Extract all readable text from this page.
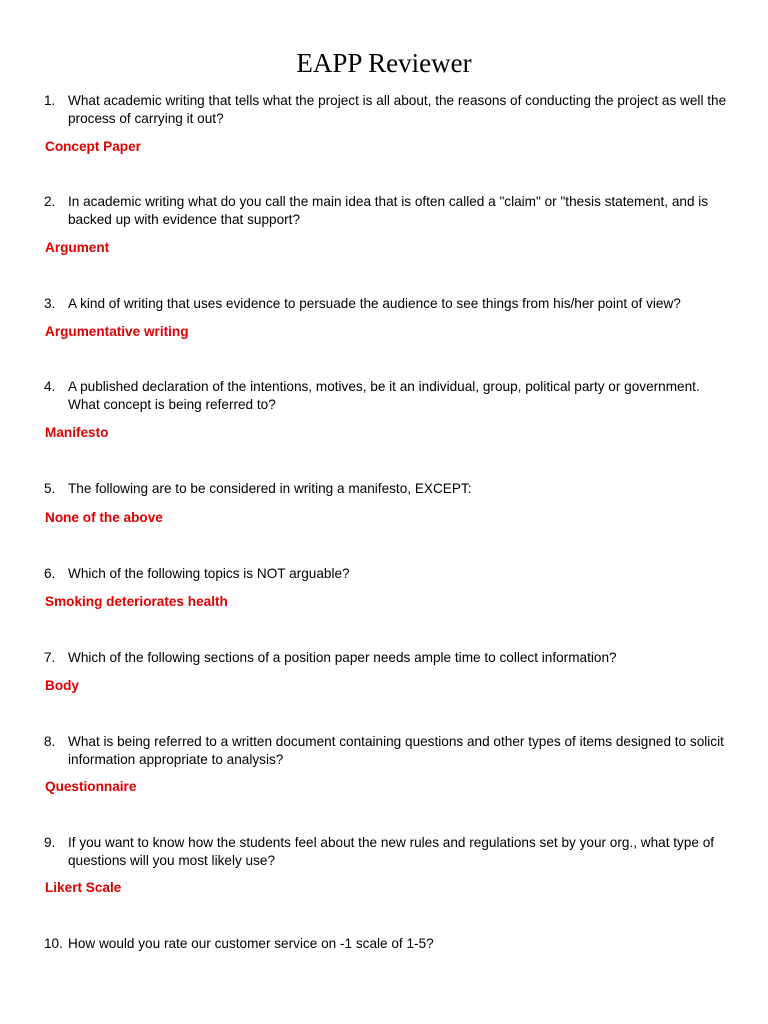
EAPP Reviewer
1. What academic writing that tells what the project is all about, the reasons of conducting the project as well the process of carrying it out?
Concept Paper
2. In academic writing what do you call the main idea that is often called a "claim" or "thesis statement, and is backed up with evidence that support?
Argument
3. A kind of writing that uses evidence to persuade the audience to see things from his/her point of view?
Argumentative writing
4. A published declaration of the intentions, motives, be it an individual, group, political party or government. What concept is being referred to?
Manifesto
5. The following are to be considered in writing a manifesto, EXCEPT:
None of the above
6. Which of the following topics is NOT arguable?
Smoking deteriorates health
7. Which of the following sections of a position paper needs ample time to collect information?
Body
8. What is being referred to a written document containing questions and other types of items designed to solicit information appropriate to analysis?
Questionnaire
9. If you want to know how the students feel about the new rules and regulations set by your org., what type of questions will you most likely use?
Likert Scale
10. How would you rate our customer service on -1 scale of 1-5?
